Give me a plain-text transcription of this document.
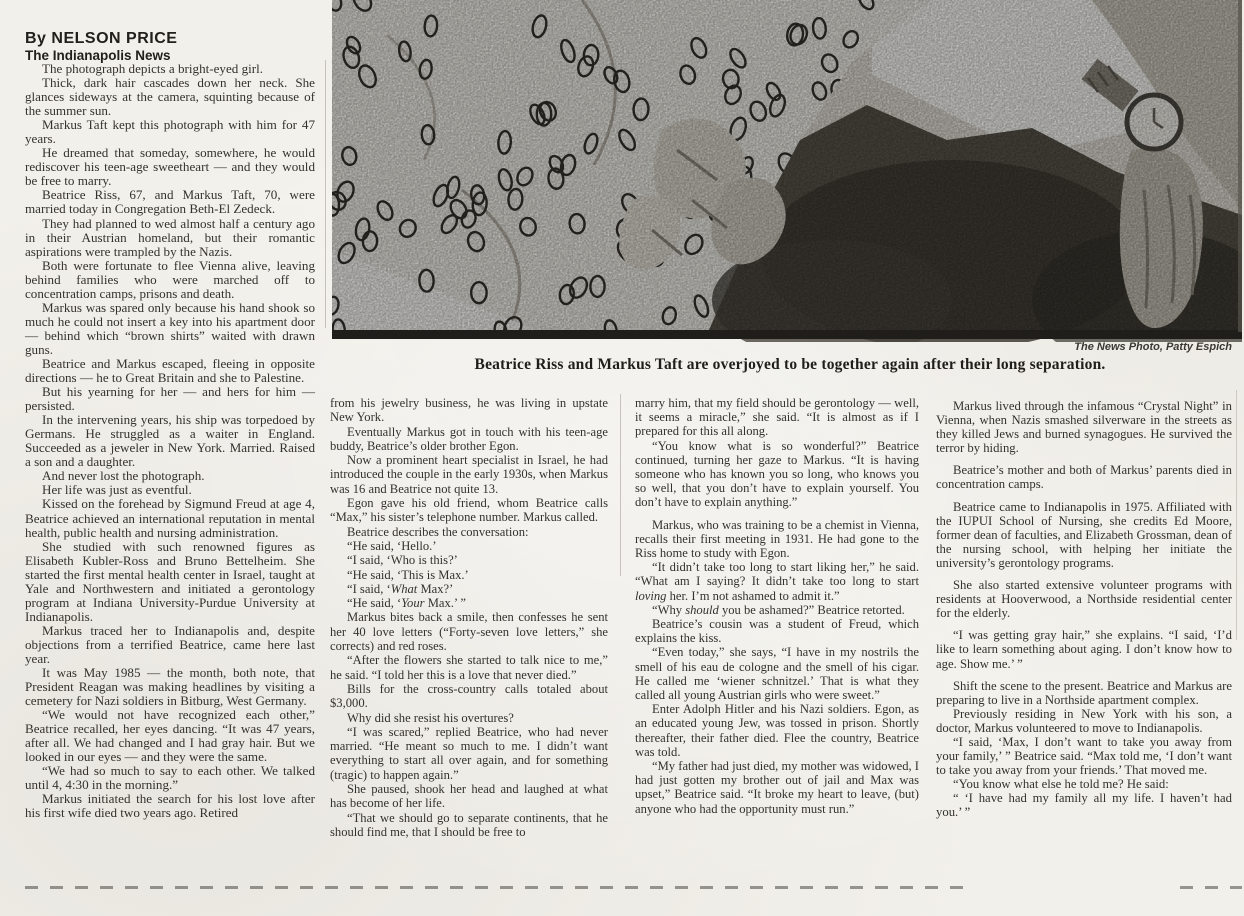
By NELSON PRICE
The Indianapolis News
The News Photo, Patty Espich
Beatrice Riss and Markus Taft are overjoyed to be together again after their long separation.

The photograph depicts a bright-eyed girl.

Thick, dark hair cascades down her neck. She glances sideways at the camera, squinting because of the summer sun.

Markus Taft kept this photograph with him for 47 years.

He dreamed that someday, somewhere, he would rediscover his teen-age sweetheart — and they would be free to marry.

Beatrice Riss, 67, and Markus Taft, 70, were married today in Congregation Beth-El Zedeck.

They had planned to wed almost half a century ago in their Austrian homeland, but their romantic aspirations were trampled by the Nazis.

Both were fortunate to flee Vienna alive, leaving behind families who were marched off to concentration camps, prisons and death.

Markus was spared only because his hand shook so much he could not insert a key into his apartment door — behind which “brown shirts” waited with drawn guns.

Beatrice and Markus escaped, fleeing in opposite directions — he to Great Britain and she to Palestine.

But his yearning for her — and hers for him — persisted.

In the intervening years, his ship was torpedoed by Germans. He struggled as a waiter in England. Succeeded as a jeweler in New York. Married. Raised a son and a daughter.

And never lost the photograph.

Her life was just as eventful.

Kissed on the forehead by Sigmund Freud at age 4, Beatrice achieved an international reputation in mental health, public health and nursing administration.

She studied with such renowned figures as Elisabeth Kubler-Ross and Bruno Bettelheim. She started the first mental health center in Israel, taught at Yale and Northwestern and initiated a gerontology program at Indiana University-Purdue University at Indianapolis.

Markus traced her to Indianapolis and, despite objections from a terrified Beatrice, came here last year.

It was May 1985 — the month, both note, that President Reagan was making headlines by visiting a cemetery for Nazi soldiers in Bitburg, West Germany.

“We would not have recognized each other,” Beatrice recalled, her eyes dancing. “It was 47 years, after all. We had changed and I had gray hair. But we looked in our eyes — and they were the same.

“We had so much to say to each other. We talked until 4, 4:30 in the morning.”

Markus initiated the search for his lost love after his first wife died two years ago. Retired

from his jewelry business, he was living in upstate New York.

Eventually Markus got in touch with his teen-age buddy, Beatrice’s older brother Egon.

Now a prominent heart specialist in Israel, he had introduced the couple in the early 1930s, when Markus was 16 and Beatrice not quite 13.

Egon gave his old friend, whom Beatrice calls “Max,” his sister’s telephone number. Markus called.

Beatrice describes the conversation:

“He said, ‘Hello.’

“I said, ‘Who is this?’

“He said, ‘This is Max.’

“I said, ‘What Max?’

“He said, ‘Your Max.’ ”

Markus bites back a smile, then confesses he sent her 40 love letters (“Forty-seven love letters,” she corrects) and red roses.

“After the flowers she started to talk nice to me,” he said. “I told her this is a love that never died.”

Bills for the cross-country calls totaled about $3,000.

Why did she resist his overtures?

“I was scared,” replied Beatrice, who had never married. “He meant so much to me. I didn’t want everything to start all over again, and for something (tragic) to happen again.”

She paused, shook her head and laughed at what has become of her life.

“That we should go to separate continents, that he should find me, that I should be free to

marry him, that my field should be gerontology — well, it seems a miracle,” she said. “It is almost as if I prepared for this all along.

“You know what is so wonderful?” Beatrice continued, turning her gaze to Markus. “It is having someone who has known you so long, who knows you so well, that you don’t have to explain yourself. You don’t have to explain anything.”

Markus, who was training to be a chemist in Vienna, recalls their first meeting in 1931. He had gone to the Riss home to study with Egon.

“It didn’t take too long to start liking her,” he said. “What am I saying? It didn’t take too long to start loving her. I’m not ashamed to admit it.”

“Why should you be ashamed?” Beatrice retorted.

Beatrice’s cousin was a student of Freud, which explains the kiss.

“Even today,” she says, “I have in my nostrils the smell of his eau de cologne and the smell of his cigar. He called me ‘wiener schnitzel.’ That is what they called all young Austrian girls who were sweet.”

Enter Adolph Hitler and his Nazi soldiers. Egon, as an educated young Jew, was tossed in prison. Shortly thereafter, their father died. Flee the country, Beatrice was told.

“My father had just died, my mother was widowed, I had just gotten my brother out of jail and Max was upset,” Beatrice said. “It broke my heart to leave, (but) anyone who had the opportunity must run.”

Markus lived through the infamous “Crystal Night” in Vienna, when Nazis smashed silverware in the streets as they killed Jews and burned synagogues. He survived the terror by hiding.

Beatrice’s mother and both of Markus’ parents died in concentration camps.

Beatrice came to Indianapolis in 1975. Affiliated with the IUPUI School of Nursing, she credits Ed Moore, former dean of faculties, and Elizabeth Grossman, dean of the nursing school, with helping her initiate the university’s gerontology programs.

She also started extensive volunteer programs with residents at Hooverwood, a Northside residential center for the elderly.

“I was getting gray hair,” she explains. “I said, ‘I’d like to learn something about aging. I don’t know how to age. Show me.’ ”

Shift the scene to the present. Beatrice and Markus are preparing to live in a Northside apartment complex.

Previously residing in New York with his son, a doctor, Markus volunteered to move to Indianapolis.

“I said, ‘Max, I don’t want to take you away from your family,’ ” Beatrice said. “Max told me, ‘I don’t want to take you away from your friends.’ That moved me.

“You know what else he told me? He said:

“ ‘I have had my family all my life. I haven’t had you.’ ”
